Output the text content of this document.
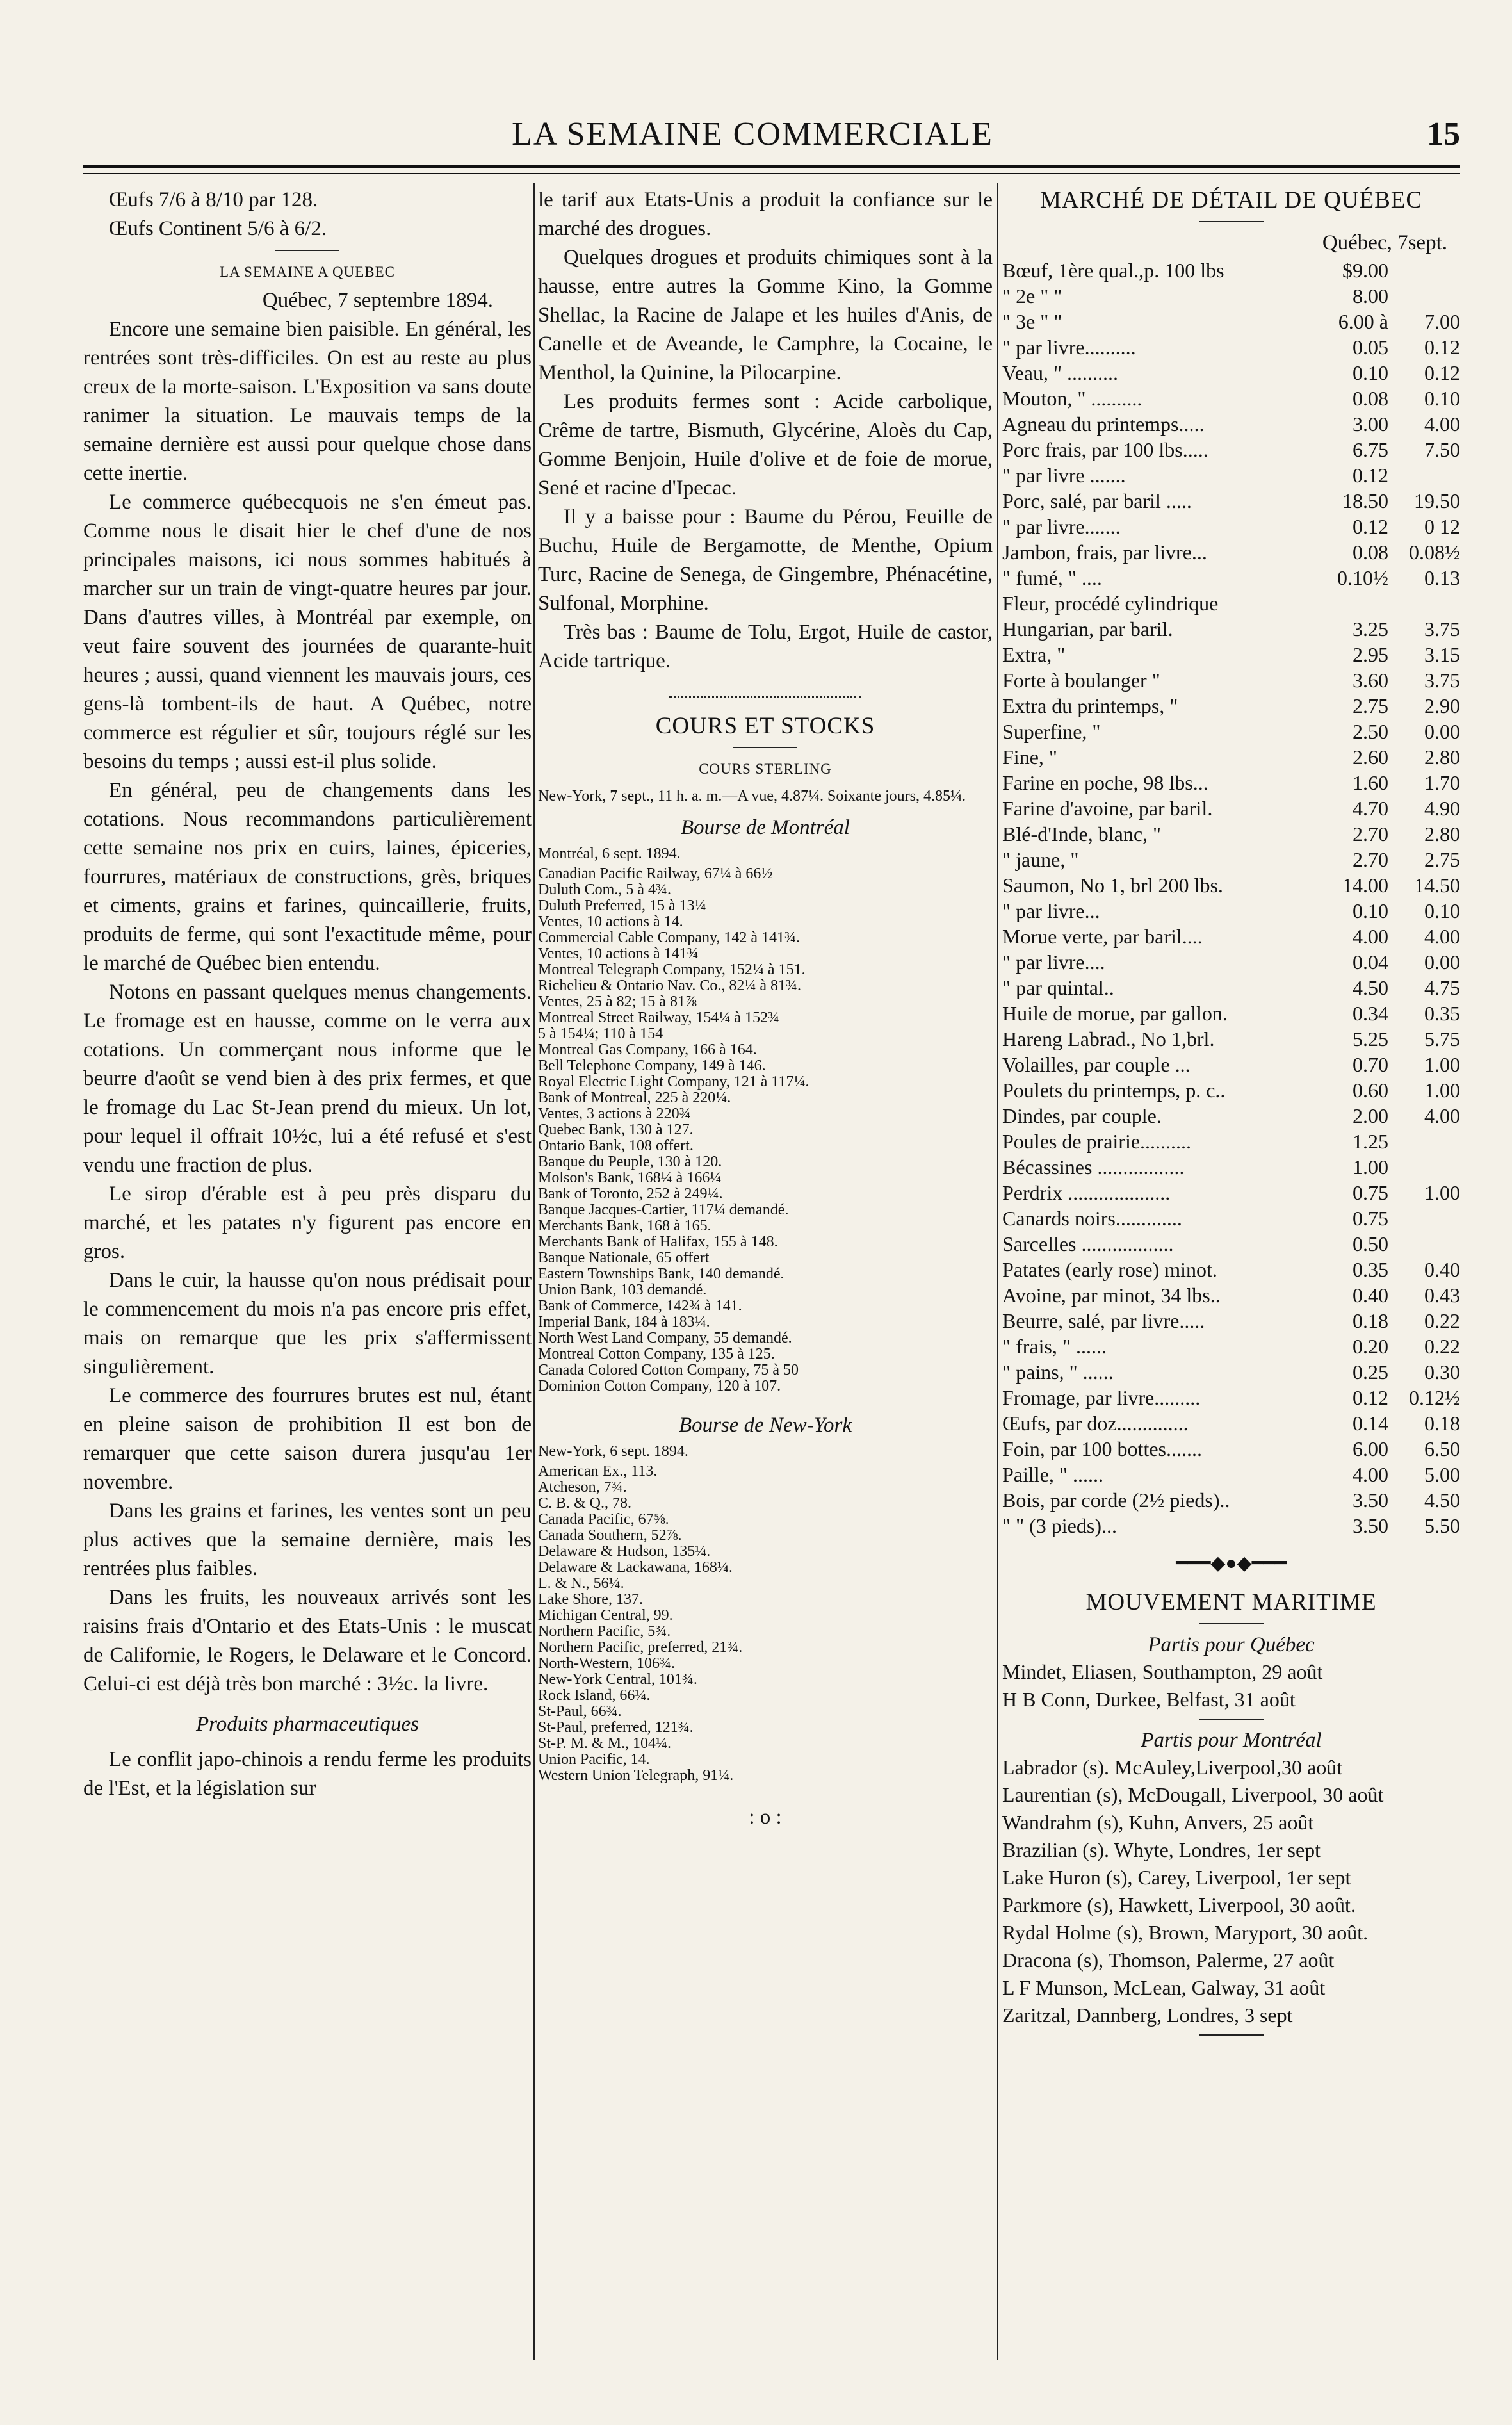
LA SEMAINE COMMERCIALE	15

Œufs 7/6 à 8/10 par 128.

Œufs Continent 5/6 à 6/2.

LA SEMAINE A QUEBEC

Québec, 7 septembre 1894.

Encore une semaine bien paisible. En général, les rentrées sont très-difficiles. On est au reste au plus creux de la morte-saison. L'Exposition va sans doute ranimer la situation. Le mauvais temps de la semaine dernière est aussi pour quelque chose dans cette inertie.

Le commerce québecquois ne s'en émeut pas. Comme nous le disait hier le chef d'une de nos principales maisons, ici nous sommes habitués à marcher sur un train de vingt-quatre heures par jour. Dans d'autres villes, à Montréal par exemple, on veut faire souvent des journées de quarante-huit heures ; aussi, quand viennent les mauvais jours, ces gens-là tombent-ils de haut. A Québec, notre commerce est régulier et sûr, toujours réglé sur les besoins du temps ; aussi est-il plus solide.

En général, peu de changements dans les cotations. Nous recommandons particulièrement cette semaine nos prix en cuirs, laines, épiceries, fourrures, matériaux de constructions, grès, briques et ciments, grains et farines, quincaillerie, fruits, produits de ferme, qui sont l'exactitude même, pour le marché de Québec bien entendu.

Notons en passant quelques menus changements. Le fromage est en hausse, comme on le verra aux cotations. Un commerçant nous informe que le beurre d'août se vend bien à des prix fermes, et que le fromage du Lac St-Jean prend du mieux. Un lot, pour lequel il offrait 10½c, lui a été refusé et s'est vendu une fraction de plus.

Le sirop d'érable est à peu près disparu du marché, et les patates n'y figurent pas encore en gros.

Dans le cuir, la hausse qu'on nous prédisait pour le commencement du mois n'a pas encore pris effet, mais on remarque que les prix s'affermissent singulièrement.

Le commerce des fourrures brutes est nul, étant en pleine saison de prohibition Il est bon de remarquer que cette saison durera jusqu'au 1er novembre.

Dans les grains et farines, les ventes sont un peu plus actives que la semaine dernière, mais les rentrées plus faibles.

Dans les fruits, les nouveaux arrivés sont les raisins frais d'Ontario et des Etats-Unis : le muscat de Californie, le Rogers, le Delaware et le Concord. Celui-ci est déjà très bon marché : 3½c. la livre.

Produits pharmaceutiques

Le conflit japo-chinois a rendu ferme les produits de l'Est, et la législation sur

le tarif aux Etats-Unis a produit la confiance sur le marché des drogues.

Quelques drogues et produits chimiques sont à la hausse, entre autres la Gomme Kino, la Gomme Shellac, la Racine de Jalape et les huiles d'Anis, de Canelle et de Aveande, le Camphre, la Cocaine, le Menthol, la Quinine, la Pilocarpine.

Les produits fermes sont : Acide carbolique, Crême de tartre, Bismuth, Glycérine, Aloès du Cap, Gomme Benjoin, Huile d'olive et de foie de morue, Sené et racine d'Ipecac.

Il y a baisse pour : Baume du Pérou, Feuille de Buchu, Huile de Bergamotte, de Menthe, Opium Turc, Racine de Senega, de Gingembre, Phénacétine, Sulfonal, Morphine.

Très bas : Baume de Tolu, Ergot, Huile de castor, Acide tartrique.

COURS ET STOCKS

COURS STERLING

New-York, 7 sept., 11 h. a. m.—A vue, 4.87¼. Soixante jours, 4.85¼.

Bourse de Montréal

Montréal, 6 sept. 1894.

Canadian Pacific Railway, 67¼ à 66½

Duluth Com., 5 à 4¾.

Duluth Preferred, 15 à 13¼

Ventes, 10 actions à 14.

Commercial Cable Company, 142 à 141¾.

Ventes, 10 actions à 141¾

Montreal Telegraph Company, 152¼ à 151.

Richelieu & Ontario Nav. Co., 82¼ à 81¾.

Ventes, 25 à 82; 15 à 81⅞

Montreal Street Railway, 154¼ à 152¾

5 à 154¼; 110 à 154

Montreal Gas Company, 166 à 164.

Bell Telephone Company, 149 à 146.

Royal Electric Light Company, 121 à 117¼.

Bank of Montreal, 225 à 220¼.

Ventes, 3 actions à 220¾

Quebec Bank, 130 à 127.

Ontario Bank, 108 offert.

Banque du Peuple, 130 à 120.

Molson's Bank, 168¼ à 166¼

Bank of Toronto, 252 à 249¼.

Banque Jacques-Cartier, 117¼ demandé.

Merchants Bank, 168 à 165.

Merchants Bank of Halifax, 155 à 148.

Banque Nationale, 65 offert

Eastern Townships Bank, 140 demandé.

Union Bank, 103 demandé.

Bank of Commerce, 142¾ à 141.

Imperial Bank, 184 à 183¼.

North West Land Company, 55 demandé.

Montreal Cotton Company, 135 à 125.

Canada Colored Cotton Company, 75 à 50

Dominion Cotton Company, 120 à 107.

Bourse de New-York

New-York, 6 sept. 1894.

American Ex., 113.

Atcheson, 7¾.

C. B. & Q., 78.

Canada Pacific, 67⅝.

Canada Southern, 52⅞.

Delaware & Hudson, 135¼.

Delaware & Lackawana, 168¼.

L. & N., 56¼.

Lake Shore, 137.

Michigan Central, 99.

Northern Pacific, 5¾.

Northern Pacific, preferred, 21¾.

North-Western, 106¾.

New-York Central, 101¾.

Rock Island, 66¼.

St-Paul, 66¾.

St-Paul, preferred, 121¾.

St-P. M. & M., 104¼.

Union Pacific, 14.

Western Union Telegraph, 91¼.

: o :

MARCHÉ DE DÉTAIL DE QUÉBEC

Québec, 7sept.

Bœuf, 1ère qual.,p. 100 lbs	$9.00	
" 2e " "	8.00	
" 3e " "	6.00 à	7.00
" par livre..........	0.05	0.12
Veau, " ..........	0.10	0.12
Mouton, " ..........	0.08	0.10
Agneau du printemps.....	3.00	4.00
Porc frais, par 100 lbs.....	6.75	7.50
" par livre .......	0.12	
Porc, salé, par baril .....	18.50	19.50
" par livre.......	0.12	0 12
Jambon, frais, par livre...	0.08	0.08½
" fumé, " ....	0.10½	0.13
Fleur, procédé cylindrique		
Hungarian, par baril.	3.25	3.75
Extra, "	2.95	3.15
Forte à boulanger "	3.60	3.75
Extra du printemps, "	2.75	2.90
Superfine, "	2.50	0.00
Fine, "	2.60	2.80
Farine en poche, 98 lbs...	1.60	1.70
Farine d'avoine, par baril.	4.70	4.90
Blé-d'Inde, blanc, "	2.70	2.80
" jaune, "	2.70	2.75
Saumon, No 1, brl 200 lbs.	14.00	14.50
" par livre...	0.10	0.10
Morue verte, par baril....	4.00	4.00
" par livre....	0.04	0.00
" par quintal..	4.50	4.75
Huile de morue, par gallon.	0.34	0.35
Hareng Labrad., No 1,brl.	5.25	5.75
Volailles, par couple ...	0.70	1.00
Poulets du printemps, p. c..	0.60	1.00
Dindes, par couple.	2.00	4.00
Poules de prairie..........	1.25	
Bécassines .................	1.00	
Perdrix ....................	0.75	1.00
Canards noirs.............	0.75	
Sarcelles ..................	0.50	
Patates (early rose) minot.	0.35	0.40
Avoine, par minot, 34 lbs..	0.40	0.43
Beurre, salé, par livre.....	0.18	0.22
" frais, " ......	0.20	0.22
" pains, " ......	0.25	0.30
Fromage, par livre.........	0.12	0.12½
Œufs, par doz..............	0.14	0.18
Foin, par 100 bottes.......	6.00	6.50
Paille, " ......	4.00	5.00
Bois, par corde (2½ pieds)..	3.50	4.50
" " (3 pieds)...	3.50	5.50
━━━◆●◆━━━

MOUVEMENT MARITIME

Partis pour Québec

Mindet, Eliasen, Southampton, 29 août

H B Conn, Durkee, Belfast, 31 août

Partis pour Montréal

Labrador (s). McAuley,Liverpool,30 août

Laurentian (s), McDougall, Liverpool, 30 août

Wandrahm (s), Kuhn, Anvers, 25 août

Brazilian (s). Whyte, Londres, 1er sept

Lake Huron (s), Carey, Liverpool, 1er sept

Parkmore (s), Hawkett, Liverpool, 30 août.

Rydal Holme (s), Brown, Maryport, 30 août.

Dracona (s), Thomson, Palerme, 27 août

L F Munson, McLean, Galway, 31 août

Zaritzal, Dannberg, Londres, 3 sept
